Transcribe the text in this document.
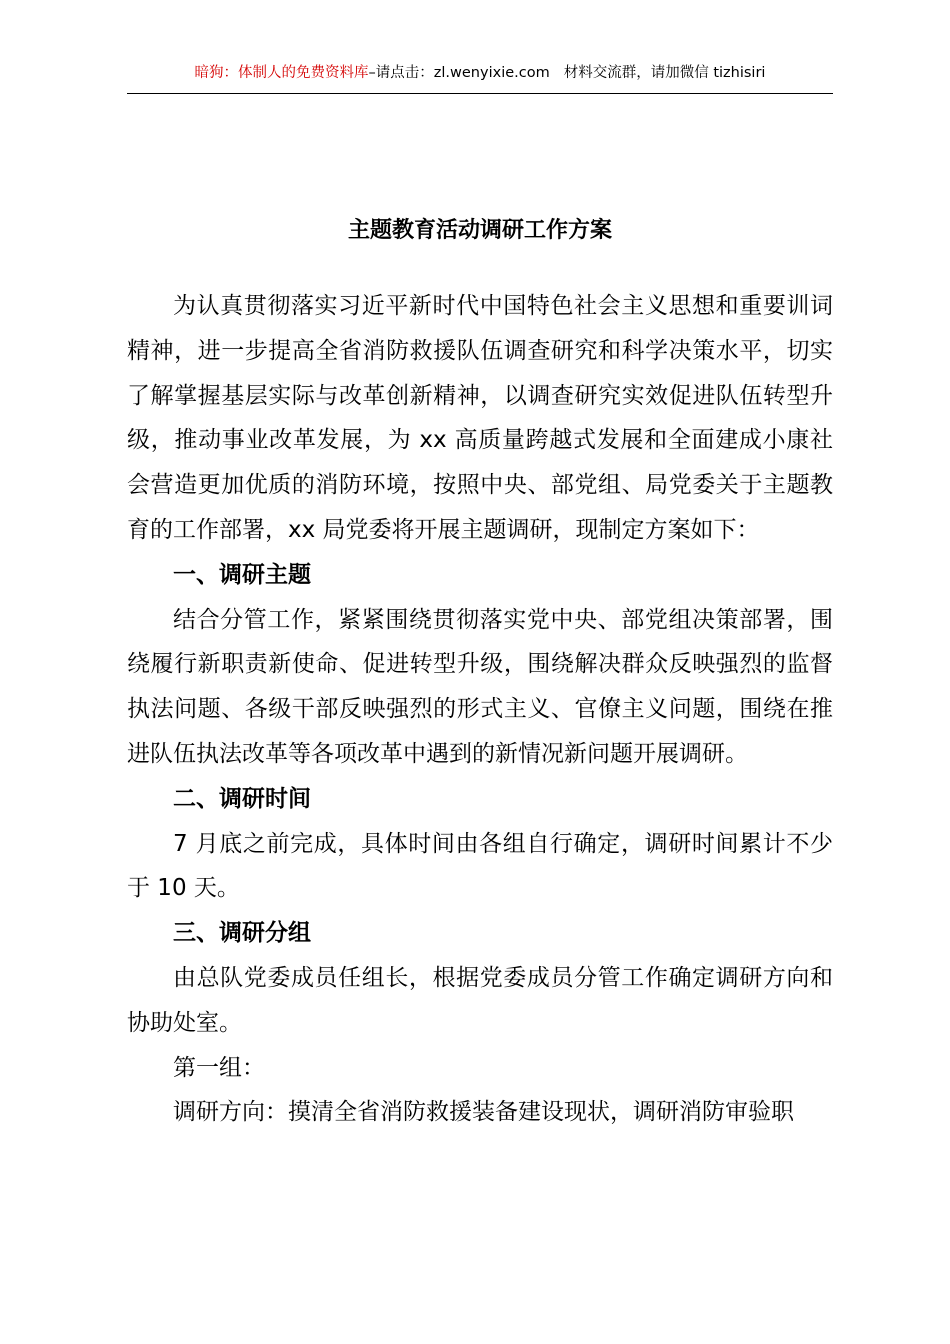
暗狗：体制人的免费资料库–请点击：zl.wenyixie.com 材料交流群，请加微信 tizhisiri
主题教育活动调研工作方案

为认真贯彻落实习近平新时代中国特色社会主义思想和重要训词精神，进一步提高全省消防救援队伍调查研究和科学决策水平，切实了解掌握基层实际与改革创新精神，以调查研究实效促进队伍转型升级，推动事业改革发展，为 xx 高质量跨越式发展和全面建成小康社会营造更加优质的消防环境，按照中央、部党组、局党委关于主题教育的工作部署，xx 局党委将开展主题调研，现制定方案如下：

一、调研主题

结合分管工作，紧紧围绕贯彻落实党中央、部党组决策部署，围绕履行新职责新使命、促进转型升级，围绕解决群众反映强烈的监督执法问题、各级干部反映强烈的形式主义、官僚主义问题，围绕在推进队伍执法改革等各项改革中遇到的新情况新问题开展调研。

二、调研时间

7 月底之前完成，具体时间由各组自行确定，调研时间累计不少于 10 天。

三、调研分组

由总队党委成员任组长，根据党委成员分管工作确定调研方向和协助处室。

第一组：

调研方向：摸清全省消防救援装备建设现状，调研消防审验职
